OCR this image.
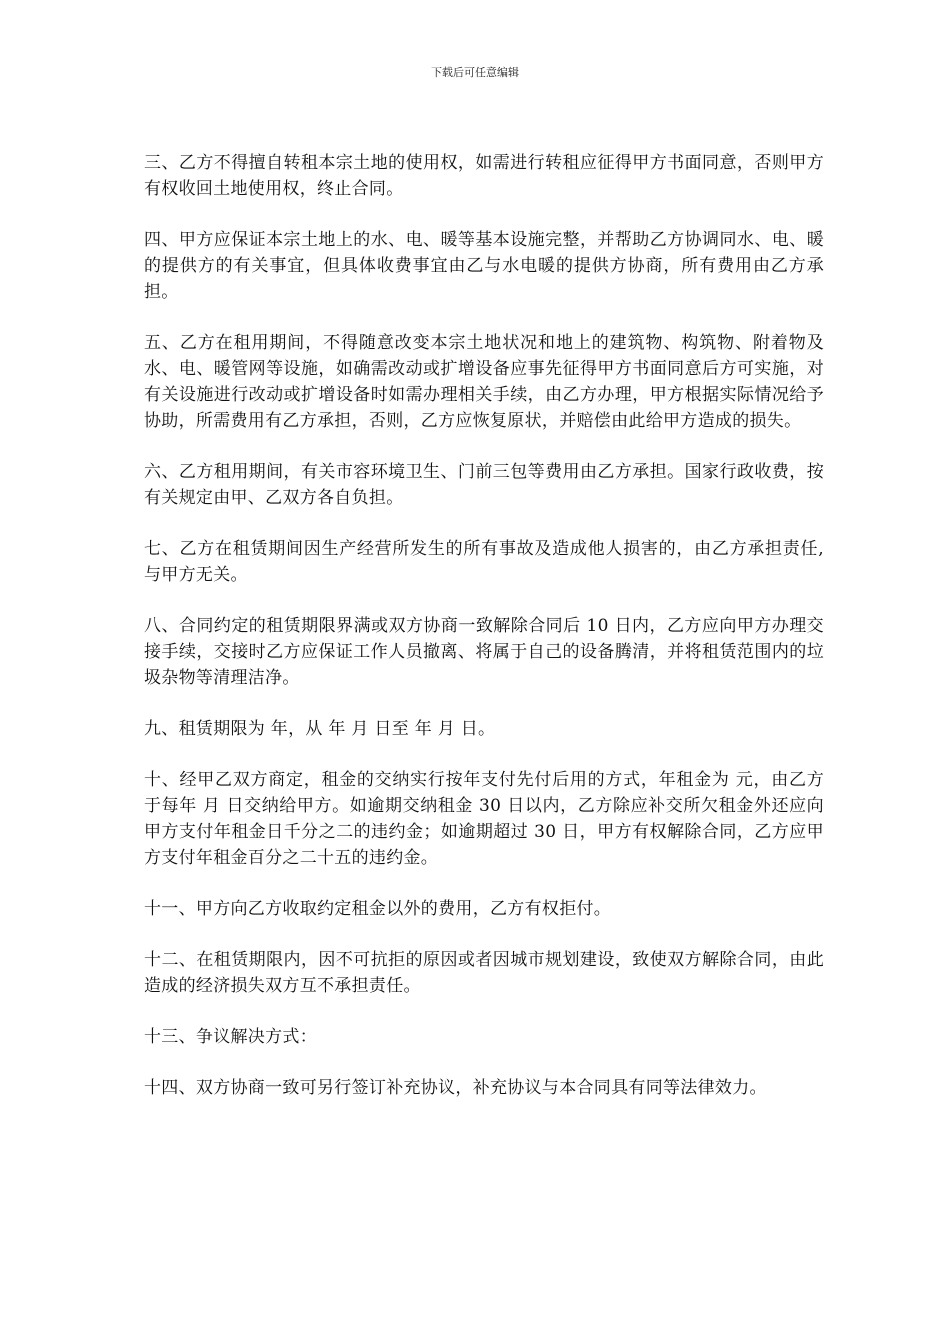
下载后可任意编辑

三、乙方不得擅自转租本宗土地的使用权，如需进行转租应征得甲方书面同意，否则甲方有权收回土地使用权，终止合同。

四、甲方应保证本宗土地上的水、电、暖等基本设施完整，并帮助乙方协调同水、电、暖的提供方的有关事宜，但具体收费事宜由乙与水电暖的提供方协商，所有费用由乙方承担。

五、乙方在租用期间，不得随意改变本宗土地状况和地上的建筑物、构筑物、附着物及水、电、暖管网等设施，如确需改动或扩增设备应事先征得甲方书面同意后方可实施，对有关设施进行改动或扩增设备时如需办理相关手续，由乙方办理，甲方根据实际情况给予协助，所需费用有乙方承担，否则，乙方应恢复原状，并赔偿由此给甲方造成的损失。

六、乙方租用期间，有关市容环境卫生、门前三包等费用由乙方承担。国家行政收费，按有关规定由甲、乙双方各自负担。

七、乙方在租赁期间因生产经营所发生的所有事故及造成他人损害的，由乙方承担责任,与甲方无关。

八、合同约定的租赁期限界满或双方协商一致解除合同后 10 日内，乙方应向甲方办理交接手续，交接时乙方应保证工作人员撤离、将属于自己的设备腾清，并将租赁范围内的垃圾杂物等清理洁净。

九、租赁期限为 年，从 年 月 日至 年 月 日。

十、经甲乙双方商定，租金的交纳实行按年支付先付后用的方式，年租金为 元，由乙方于每年 月 日交纳给甲方。如逾期交纳租金 30 日以内，乙方除应补交所欠租金外还应向甲方支付年租金日千分之二的违约金；如逾期超过 30 日，甲方有权解除合同，乙方应甲方支付年租金百分之二十五的违约金。

十一、甲方向乙方收取约定租金以外的费用，乙方有权拒付。

十二、在租赁期限内，因不可抗拒的原因或者因城市规划建设，致使双方解除合同，由此造成的经济损失双方互不承担责任。

十三、争议解决方式：

十四、双方协商一致可另行签订补充协议，补充协议与本合同具有同等法律效力。
